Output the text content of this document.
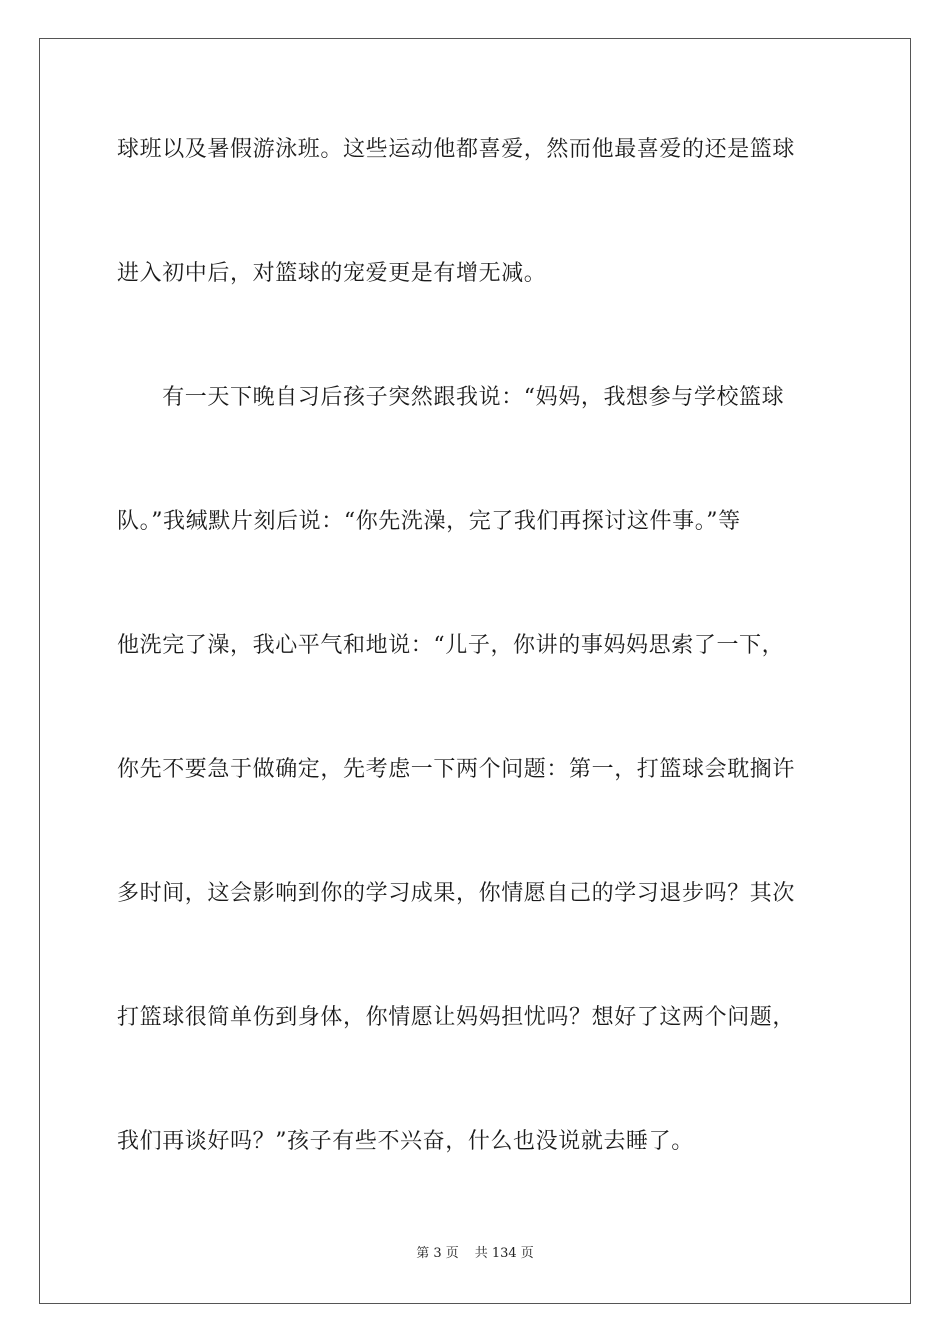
球班以及暑假游泳班。这些运动他都喜爱，然而他最喜爱的还是篮球
进入初中后，对篮球的宠爱更是有增无减。
　　有一天下晚自习后孩子突然跟我说：“妈妈，我想参与学校篮球
队。”我缄默片刻后说：“你先洗澡，完了我们再探讨这件事。”等
他洗完了澡，我心平气和地说：“儿子，你讲的事妈妈思索了一下，
你先不要急于做确定，先考虑一下两个问题：第一，打篮球会耽搁许
多时间，这会影响到你的学习成果，你情愿自己的学习退步吗？其次
打篮球很简单伤到身体，你情愿让妈妈担忧吗？想好了这两个问题，
我们再谈好吗？”孩子有些不兴奋，什么也没说就去睡了。
第 3 页 共 134 页
